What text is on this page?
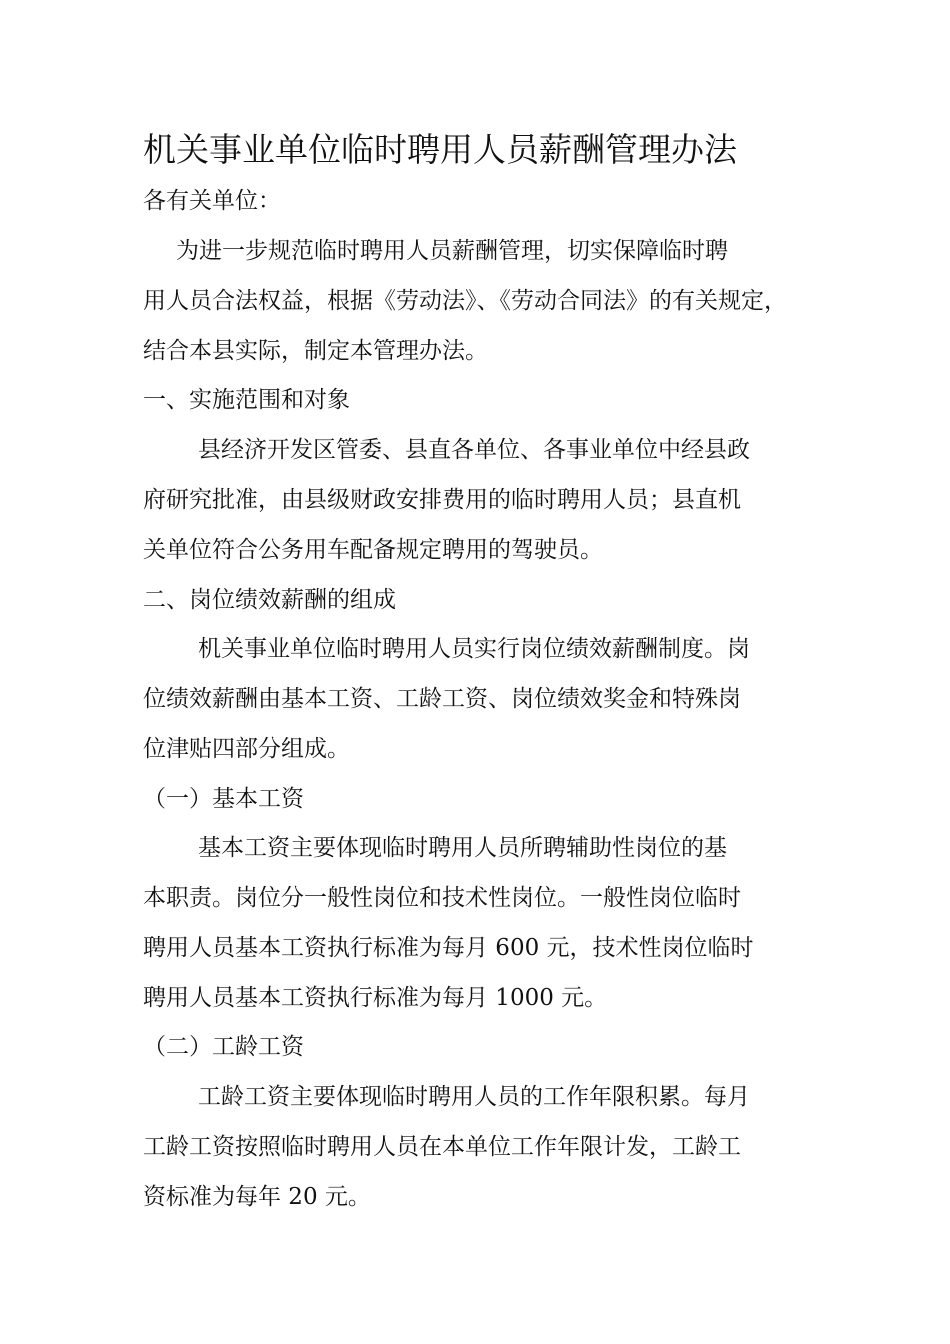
机关事业单位临时聘用人员薪酬管理办法

各有关单位：

为进一步规范临时聘用人员薪酬管理，切实保障临时聘

用人员合法权益，根据《劳动法》、《劳动合同法》的有关规定，

结合本县实际，制定本管理办法。

一、实施范围和对象

县经济开发区管委、县直各单位、各事业单位中经县政

府研究批准，由县级财政安排费用的临时聘用人员；县直机

关单位符合公务用车配备规定聘用的驾驶员。

二、岗位绩效薪酬的组成

机关事业单位临时聘用人员实行岗位绩效薪酬制度。岗

位绩效薪酬由基本工资、工龄工资、岗位绩效奖金和特殊岗

位津贴四部分组成。

（一）基本工资

基本工资主要体现临时聘用人员所聘辅助性岗位的基

本职责。岗位分一般性岗位和技术性岗位。一般性岗位临时

聘用人员基本工资执行标准为每月 600 元，技术性岗位临时

聘用人员基本工资执行标准为每月 1000 元。

（二）工龄工资

工龄工资主要体现临时聘用人员的工作年限积累。每月

工龄工资按照临时聘用人员在本单位工作年限计发，工龄工

资标准为每年 20 元。
